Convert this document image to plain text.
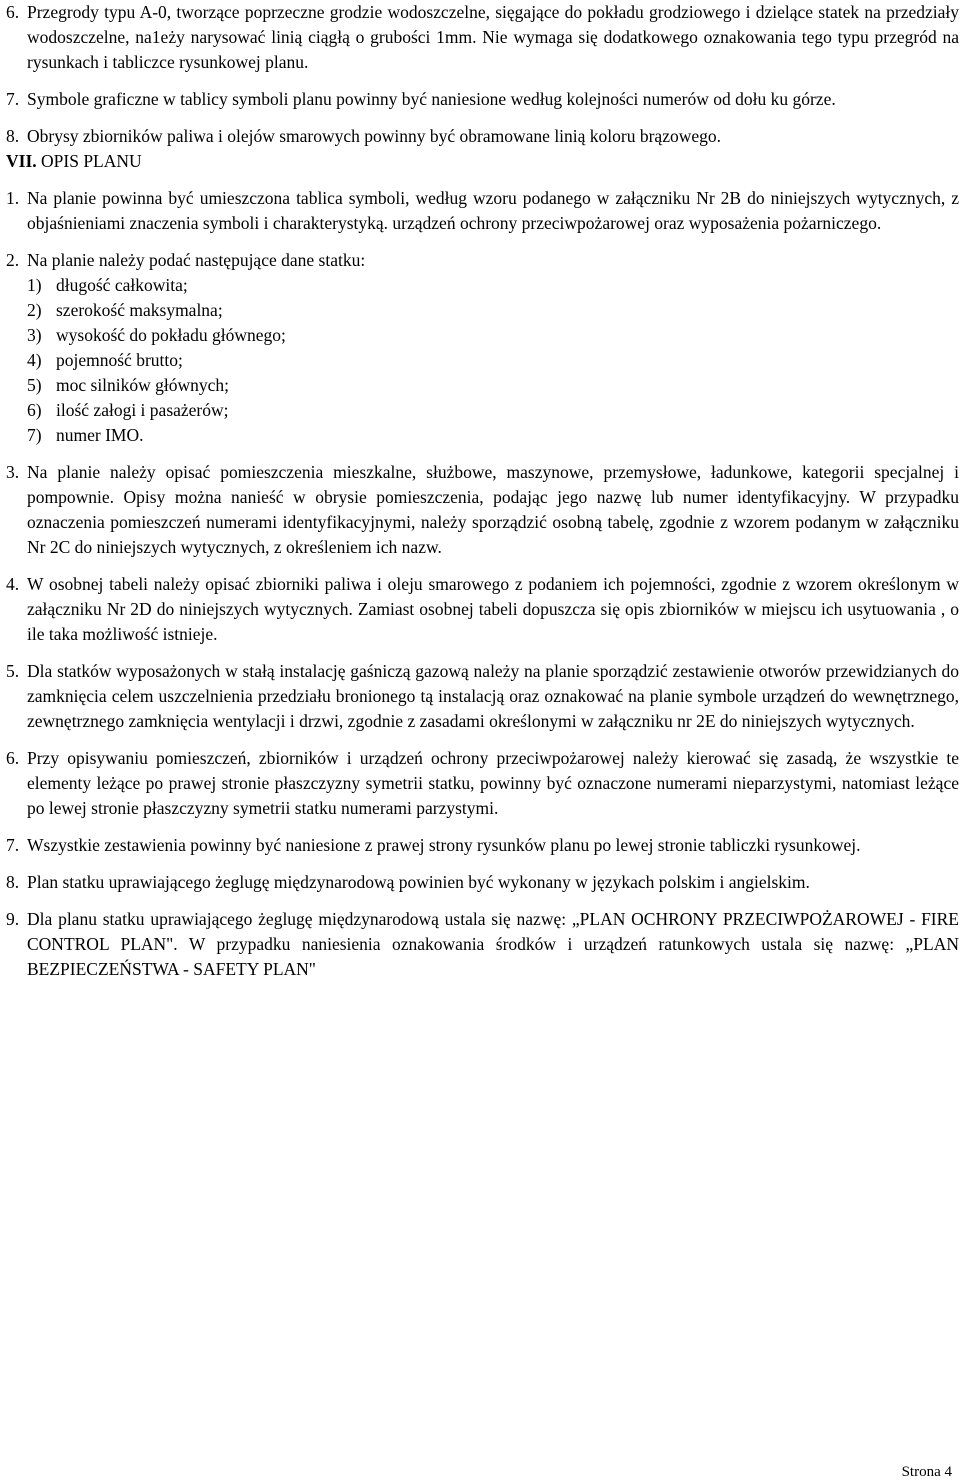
6. Przegrody typu A-0, tworzące poprzeczne grodzie wodoszczelne, sięgające do pokładu grodziowego i dzielące statek na przedziały wodoszczelne, na1eży narysować linią ciągłą o grubości 1mm. Nie wymaga się dodatkowego oznakowania tego typu przegród na rysunkach i tabliczce rysunkowej planu.
7. Symbole graficzne w tablicy symboli planu powinny być naniesione według kolejności numerów od dołu ku górze.
8. Obrysy zbiorników paliwa i olejów smarowych powinny być obramowane linią koloru brązowego.

VII. OPIS PLANU

1. Na planie powinna być umieszczona tablica symboli, według wzoru podanego w załączniku Nr 2B do niniejszych wytycznych, z objaśnieniami znaczenia symboli i charakterystyką. urządzeń ochrony przeciwpożarowej oraz wyposażenia pożarniczego.
2. Na planie należy podać następujące dane statku:
1) długość całkowita;
2) szerokość maksymalna;
3) wysokość do pokładu głównego;
4) pojemność brutto;
5) moc silników głównych;
6) ilość załogi i pasażerów;
7) numer IMO.
3. Na planie należy opisać pomieszczenia mieszkalne, służbowe, maszynowe, przemysłowe, ładunkowe, kategorii specjalnej i pompownie. Opisy można nanieść w obrysie pomieszczenia, podając jego nazwę lub numer identyfikacyjny. W przypadku oznaczenia pomieszczeń numerami identyfikacyjnymi, należy sporządzić osobną tabelę, zgodnie z wzorem podanym w załączniku Nr 2C do niniejszych wytycznych, z określeniem ich nazw.
4. W osobnej tabeli należy opisać zbiorniki paliwa i oleju smarowego z podaniem ich pojemności, zgodnie z wzorem określonym w załączniku Nr 2D do niniejszych wytycznych. Zamiast osobnej tabeli dopuszcza się opis zbiorników w miejscu ich usytuowania , o ile taka możliwość istnieje.
5. Dla statków wyposażonych w stałą instalację gaśniczą gazową należy na planie sporządzić zestawienie otworów przewidzianych do zamknięcia celem uszczelnienia przedziału bronionego tą instalacją oraz oznakować na planie symbole urządzeń do wewnętrznego, zewnętrznego zamknięcia wentylacji i drzwi, zgodnie z zasadami określonymi w załączniku nr 2E do niniejszych wytycznych.
6. Przy opisywaniu pomieszczeń, zbiorników i urządzeń ochrony przeciwpożarowej należy kierować się zasadą, że wszystkie te elementy leżące po prawej stronie płaszczyzny symetrii statku, powinny być oznaczone numerami nieparzystymi, natomiast leżące po lewej stronie płaszczyzny symetrii statku numerami parzystymi.
7. Wszystkie zestawienia powinny być naniesione z prawej strony rysunków planu po lewej stronie tabliczki rysunkowej.
8. Plan statku uprawiającego żeglugę międzynarodową powinien być wykonany w językach polskim i angielskim.
9. Dla planu statku uprawiającego żeglugę międzynarodową ustala się nazwę: „PLAN OCHRONY PRZECIWPOŻAROWEJ - FIRE CONTROL PLAN". W przypadku naniesienia oznakowania środków i urządzeń ratunkowych ustala się nazwę: „PLAN BEZPIECZEŃSTWA - SAFETY PLAN"
Strona 4
